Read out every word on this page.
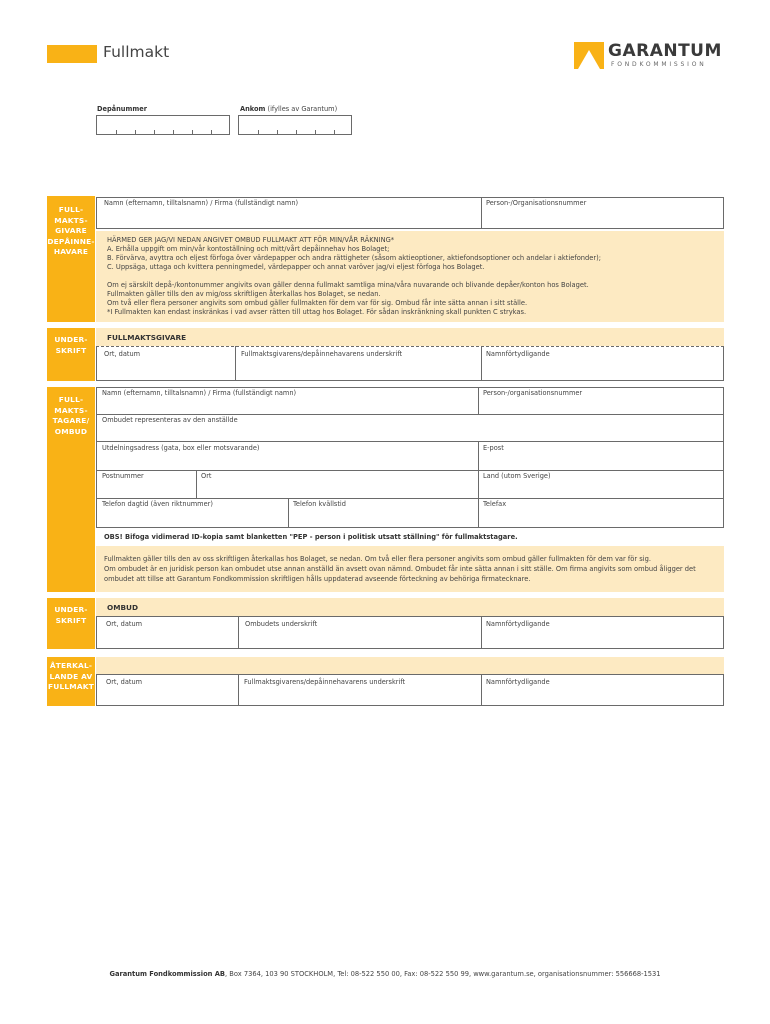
Fullmakt	GARANTUM
FONDKOMMISSION
Depånummer	Ankom (ifylles av Garantum)
FULL-
MAKTS-
GIVARE
DEPÅINNE-
HAVARE
Namn (efternamn, tilltalsnamn) / Firma (fullständigt namn)	Person-/Organisationsnummer
HÄRMED GER JAG/VI NEDAN ANGIVET OMBUD FULLMAKT ATT FÖR MIN/VÅR RÄKNING*
A. Erhålla uppgift om min/vår kontoställning och mitt/vårt depåinnehav hos Bolaget;
B. Förvärva, avyttra och eljest förfoga över värdepapper och andra rättigheter (såsom aktieoptioner, aktiefondsoptioner och andelar i aktiefonder);
C. Uppsäga, uttaga och kvittera penningmedel, värdepapper och annat varöver jag/vi eljest förfoga hos Bolaget.
Om ej särskilt depå-/kontonummer angivits ovan gäller denna fullmakt samtliga mina/våra nuvarande och blivande depåer/konton hos Bolaget.
Fullmakten gäller tills den av mig/oss skriftligen återkallas hos Bolaget, se nedan.
Om två eller flera personer angivits som ombud gäller fullmakten för dem var för sig. Ombud får inte sätta annan i sitt ställe.
*I Fullmakten kan endast inskränkas i vad avser rätten till uttag hos Bolaget. För sådan inskränkning skall punkten C strykas.
UNDER-
SKRIFT
FULLMAKTSGIVARE
Ort, datum	Fullmaktsgivarens/depåinnehavarens underskrift	Namnförtydligande
FULL-
MAKTS-
TAGARE/
OMBUD
Namn (efternamn, tilltalsnamn) / Firma (fullständigt namn)	Person-/organisationsnummer
Ombudet representeras av den anställde
Utdelningsadress (gata, box eller motsvarande)	E-post
Postnummer	Ort	Land (utom Sverige)
Telefon dagtid (även riktnummer)	Telefon kvällstid	Telefax
OBS! Bifoga vidimerad ID-kopia samt blanketten "PEP - person i politisk utsatt ställning" för fullmaktstagare.
Fullmakten gäller tills den av oss skriftligen återkallas hos Bolaget, se nedan. Om två eller flera personer angivits som ombud gäller fullmakten för dem var för sig.
Om ombudet är en juridisk person kan ombudet utse annan anställd än avsett ovan nämnd. Ombudet får inte sätta annan i sitt ställe. Om firma angivits som ombud åligger det
ombudet att tillse att Garantum Fondkommission skriftligen hålls uppdaterad avseende förteckning av behöriga firmatecknare.
UNDER-
SKRIFT
OMBUD
Ort, datum	Ombudets underskrift	Namnförtydligande
ÅTERKAL-
LANDE AV
FULLMAKT
Ort, datum	Fullmaktsgivarens/depåinnehavarens underskrift	Namnförtydligande
Garantum Fondkommission AB, Box 7364, 103 90 STOCKHOLM, Tel: 08-522 550 00, Fax: 08-522 550 99, www.garantum.se, organisationsnummer: 556668-1531
